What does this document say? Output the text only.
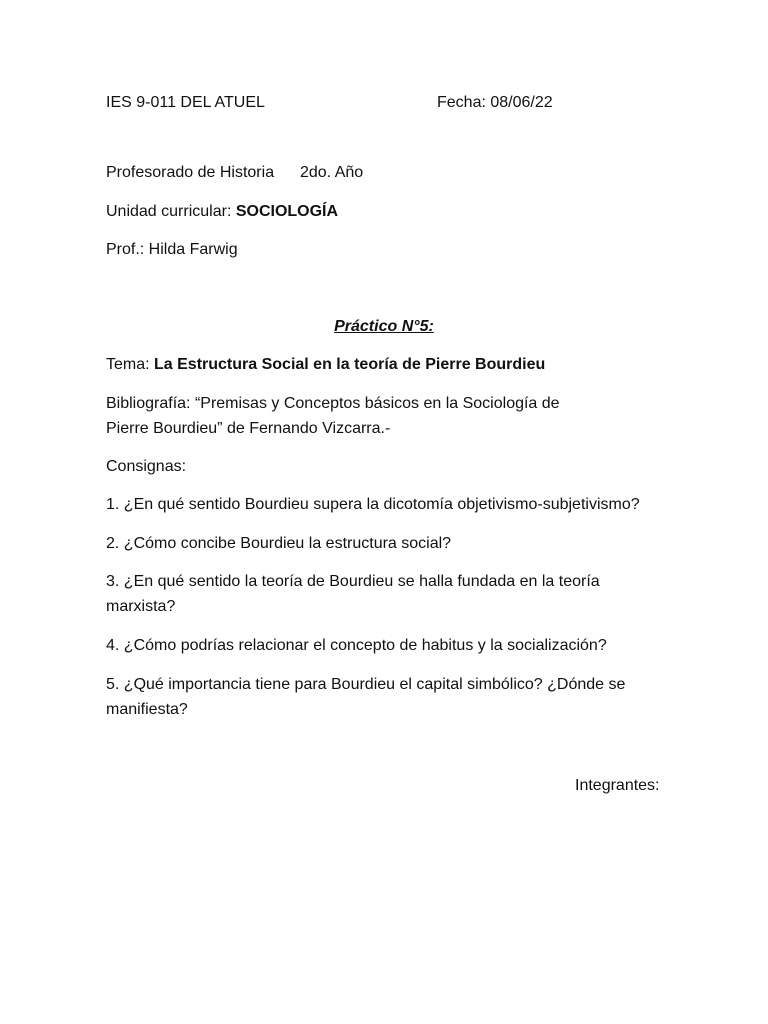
IES 9-011 DEL ATUEL	Fecha: 08/06/22
Profesorado de Historia 2do. Año
Unidad curricular: SOCIOLOGÍA
Prof.: Hilda Farwig
Práctico N°5:
Tema: La Estructura Social en la teoría de Pierre Bourdieu
Bibliografía: “Premisas y Conceptos básicos en la Sociología de Pierre Bourdieu” de Fernando Vizcarra.-
Consignas:
1. ¿En qué sentido Bourdieu supera la dicotomía objetivismo-subjetivismo?
2. ¿Cómo concibe Bourdieu la estructura social?
3. ¿En qué sentido la teoría de Bourdieu se halla fundada en la teoría marxista?
4. ¿Cómo podrías relacionar el concepto de habitus y la socialización?
5. ¿Qué importancia tiene para Bourdieu el capital simbólico? ¿Dónde se manifiesta?
Integrantes:
